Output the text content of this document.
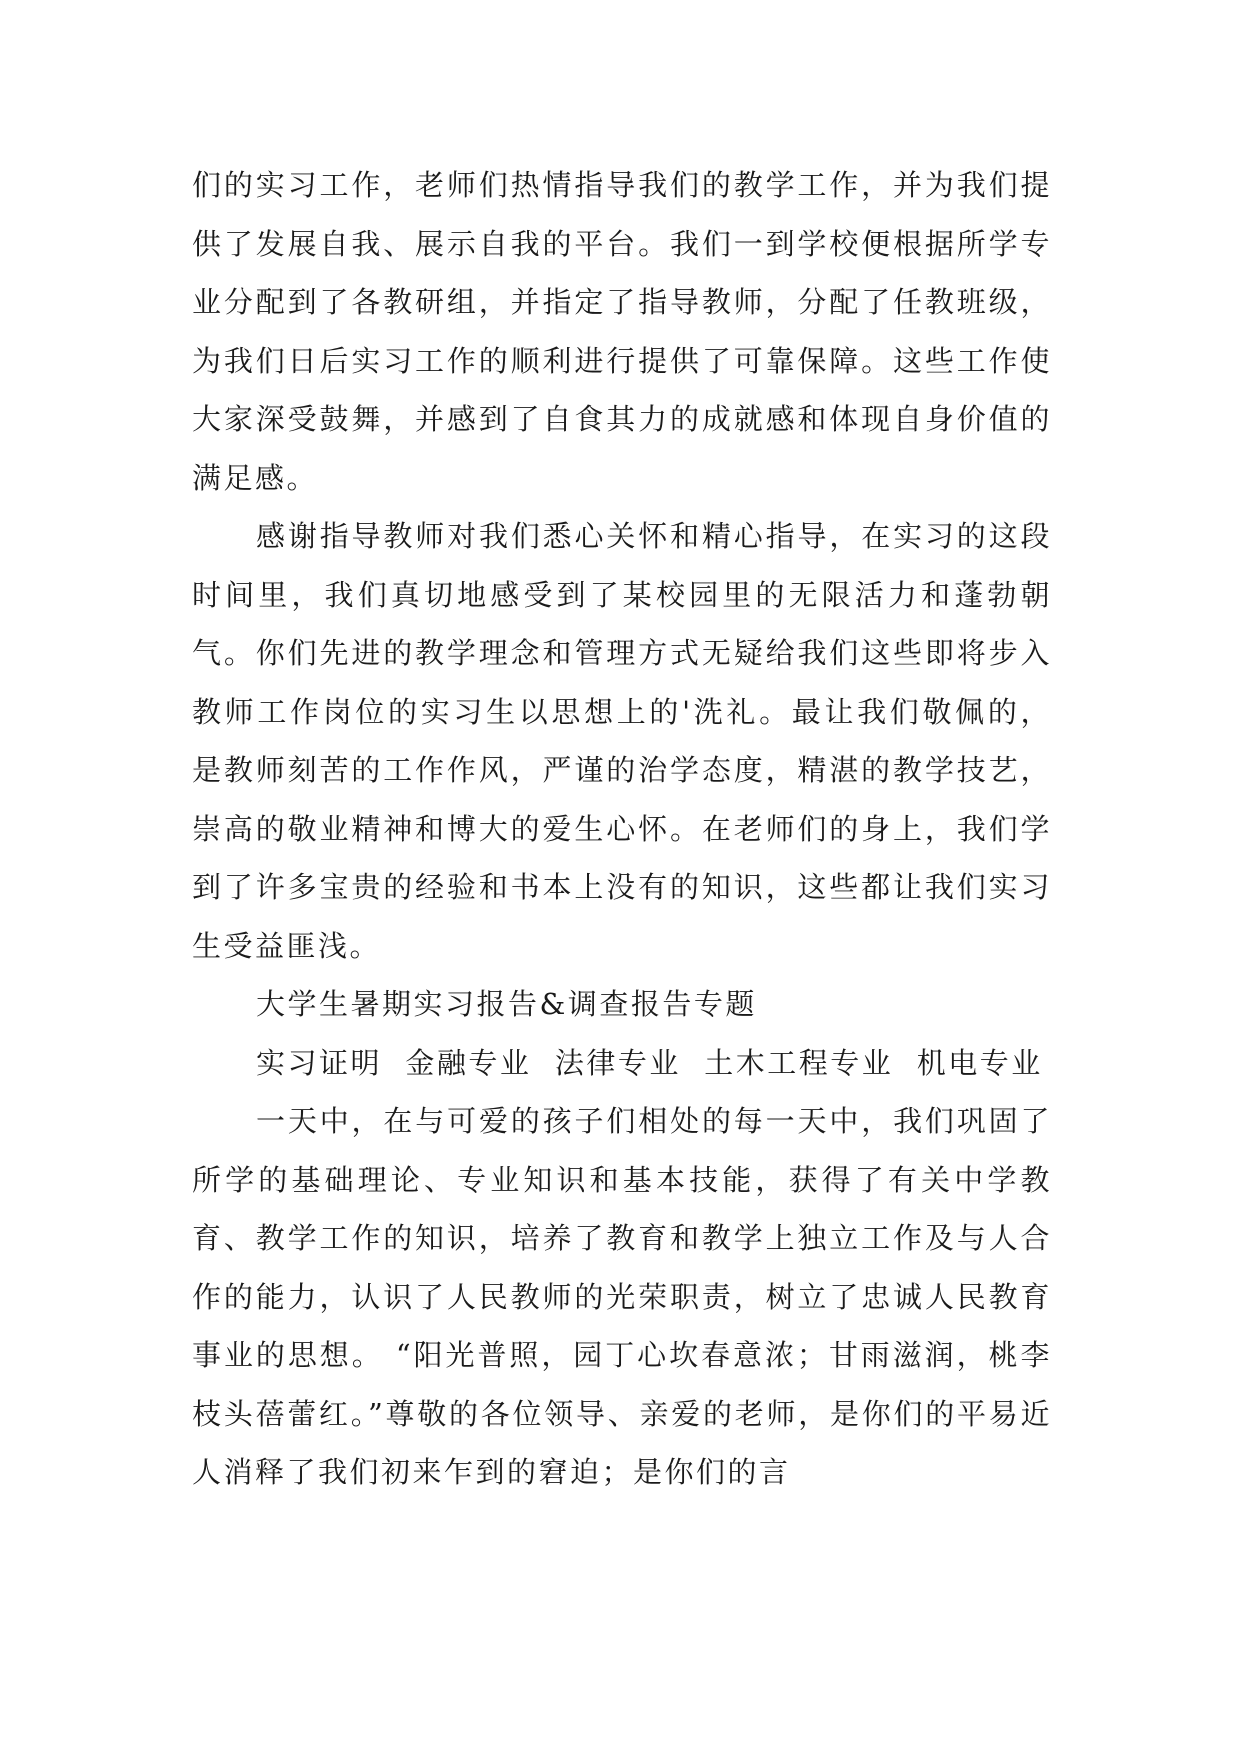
们的实习工作，老师们热情指导我们的教学工作，并为我们提供了发展自我、展示自我的平台。我们一到学校便根据所学专业分配到了各教研组，并指定了指导教师，分配了任教班级，为我们日后实习工作的顺利进行提供了可靠保障。这些工作使大家深受鼓舞，并感到了自食其力的成就感和体现自身价值的满足感。

感谢指导教师对我们悉心关怀和精心指导，在实习的这段时间里，我们真切地感受到了某校园里的无限活力和蓬勃朝气。你们先进的教学理念和管理方式无疑给我们这些即将步入教师工作岗位的实习生以思想上的'洗礼。最让我们敬佩的，是教师刻苦的工作作风，严谨的治学态度，精湛的教学技艺，崇高的敬业精神和博大的爱生心怀。在老师们的身上，我们学到了许多宝贵的经验和书本上没有的知识，这些都让我们实习生受益匪浅。

大学生暑期实习报告&调查报告专题

实习证明  金融专业  法律专业  土木工程专业  机电专业

一天中，在与可爱的孩子们相处的每一天中，我们巩固了所学的基础理论、专业知识和基本技能，获得了有关中学教育、教学工作的知识，培养了教育和教学上独立工作及与人合作的能力，认识了人民教师的光荣职责，树立了忠诚人民教育事业的思想。 “阳光普照，园丁心坎春意浓；甘雨滋润，桃李枝头蓓蕾红。”尊敬的各位领导、亲爱的老师，是你们的平易近人消释了我们初来乍到的窘迫；是你们的言
